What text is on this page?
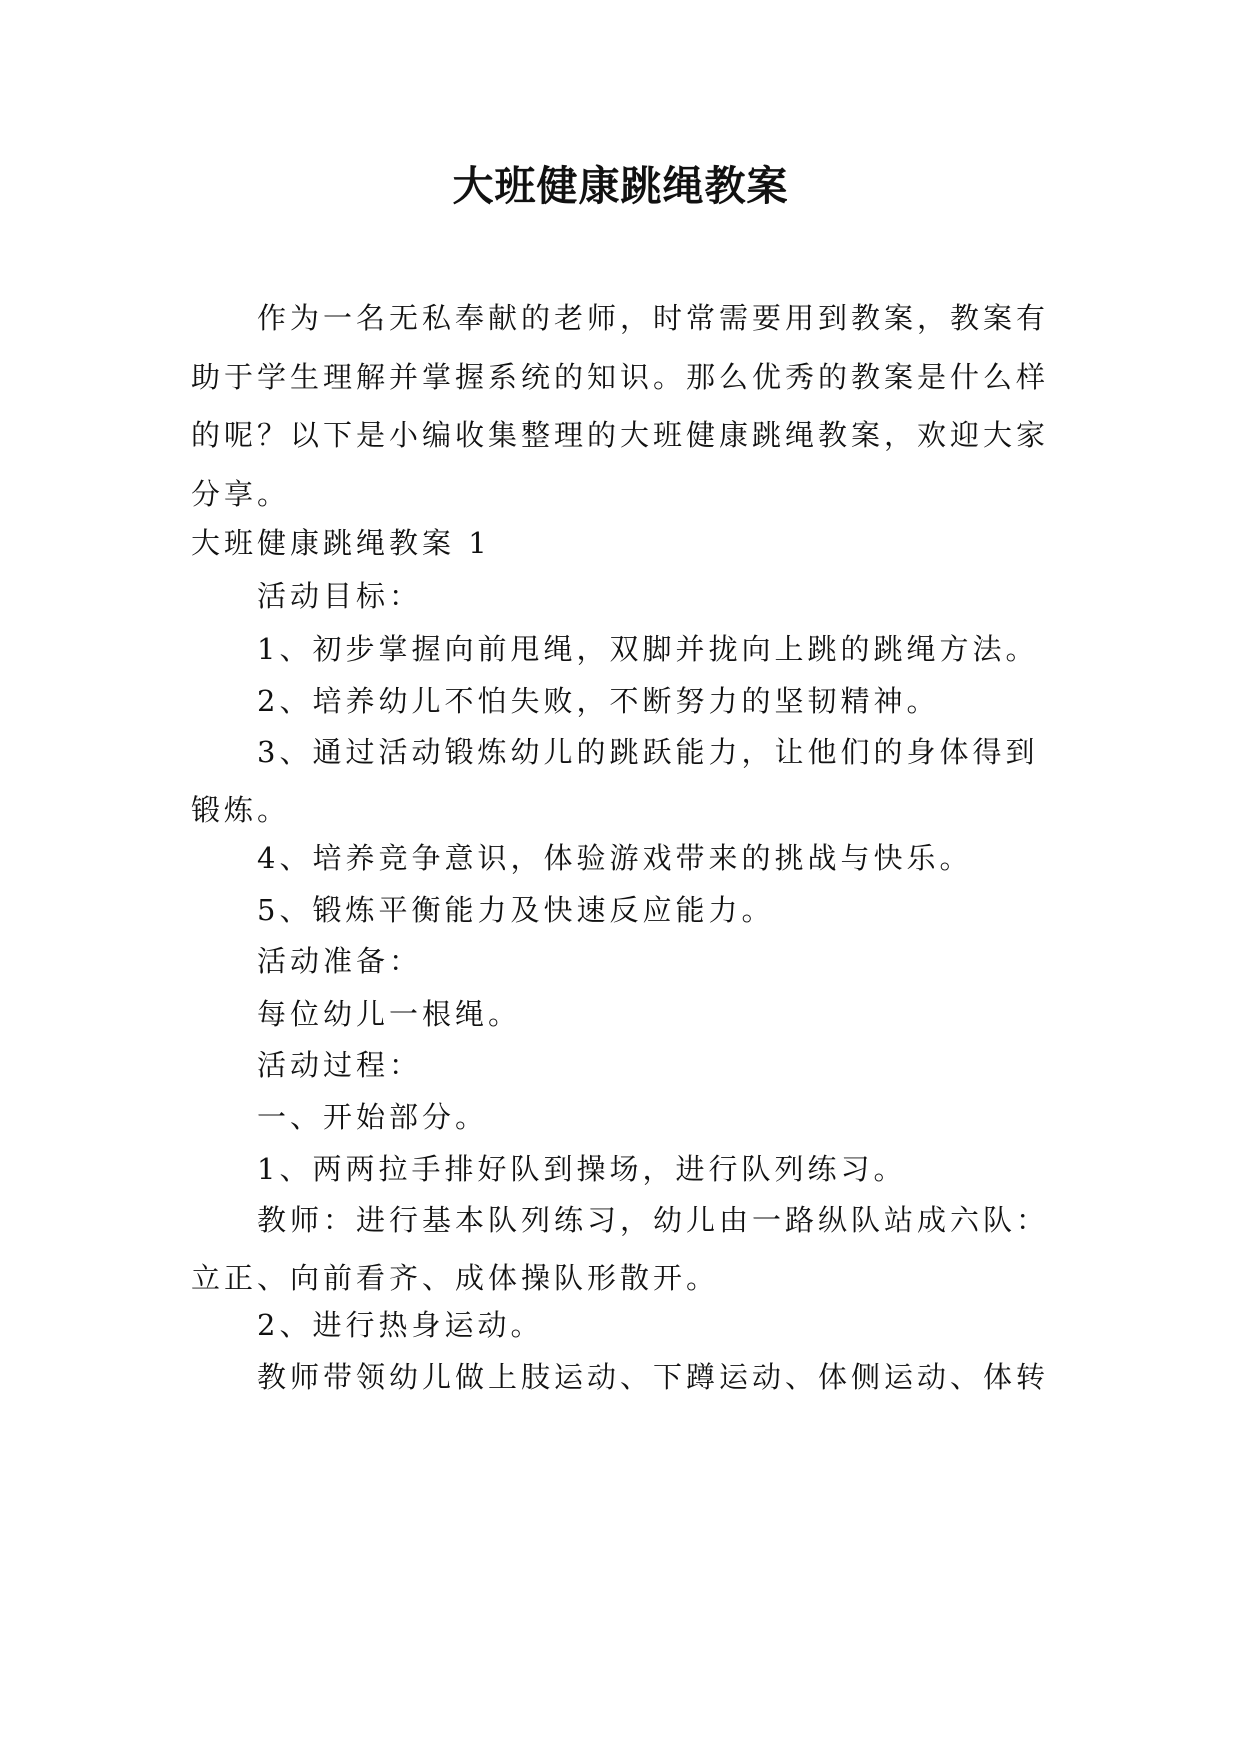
大班健康跳绳教案
作为一名无私奉献的老师，时常需要用到教案，教案有助于学生理解并掌握系统的知识。那么优秀的教案是什么样的呢？以下是小编收集整理的大班健康跳绳教案，欢迎大家分享。
大班健康跳绳教案 1
活动目标：
1、初步掌握向前甩绳，双脚并拢向上跳的跳绳方法。
2、培养幼儿不怕失败，不断努力的坚韧精神。
3、通过活动锻炼幼儿的跳跃能力，让他们的身体得到锻炼。
4、培养竞争意识，体验游戏带来的挑战与快乐。
5、锻炼平衡能力及快速反应能力。
活动准备：
每位幼儿一根绳。
活动过程：
一、开始部分。
1、两两拉手排好队到操场，进行队列练习。
教师：进行基本队列练习，幼儿由一路纵队站成六队：立正、向前看齐、成体操队形散开。
2、进行热身运动。
教师带领幼儿做上肢运动、下蹲运动、体侧运动、体转
